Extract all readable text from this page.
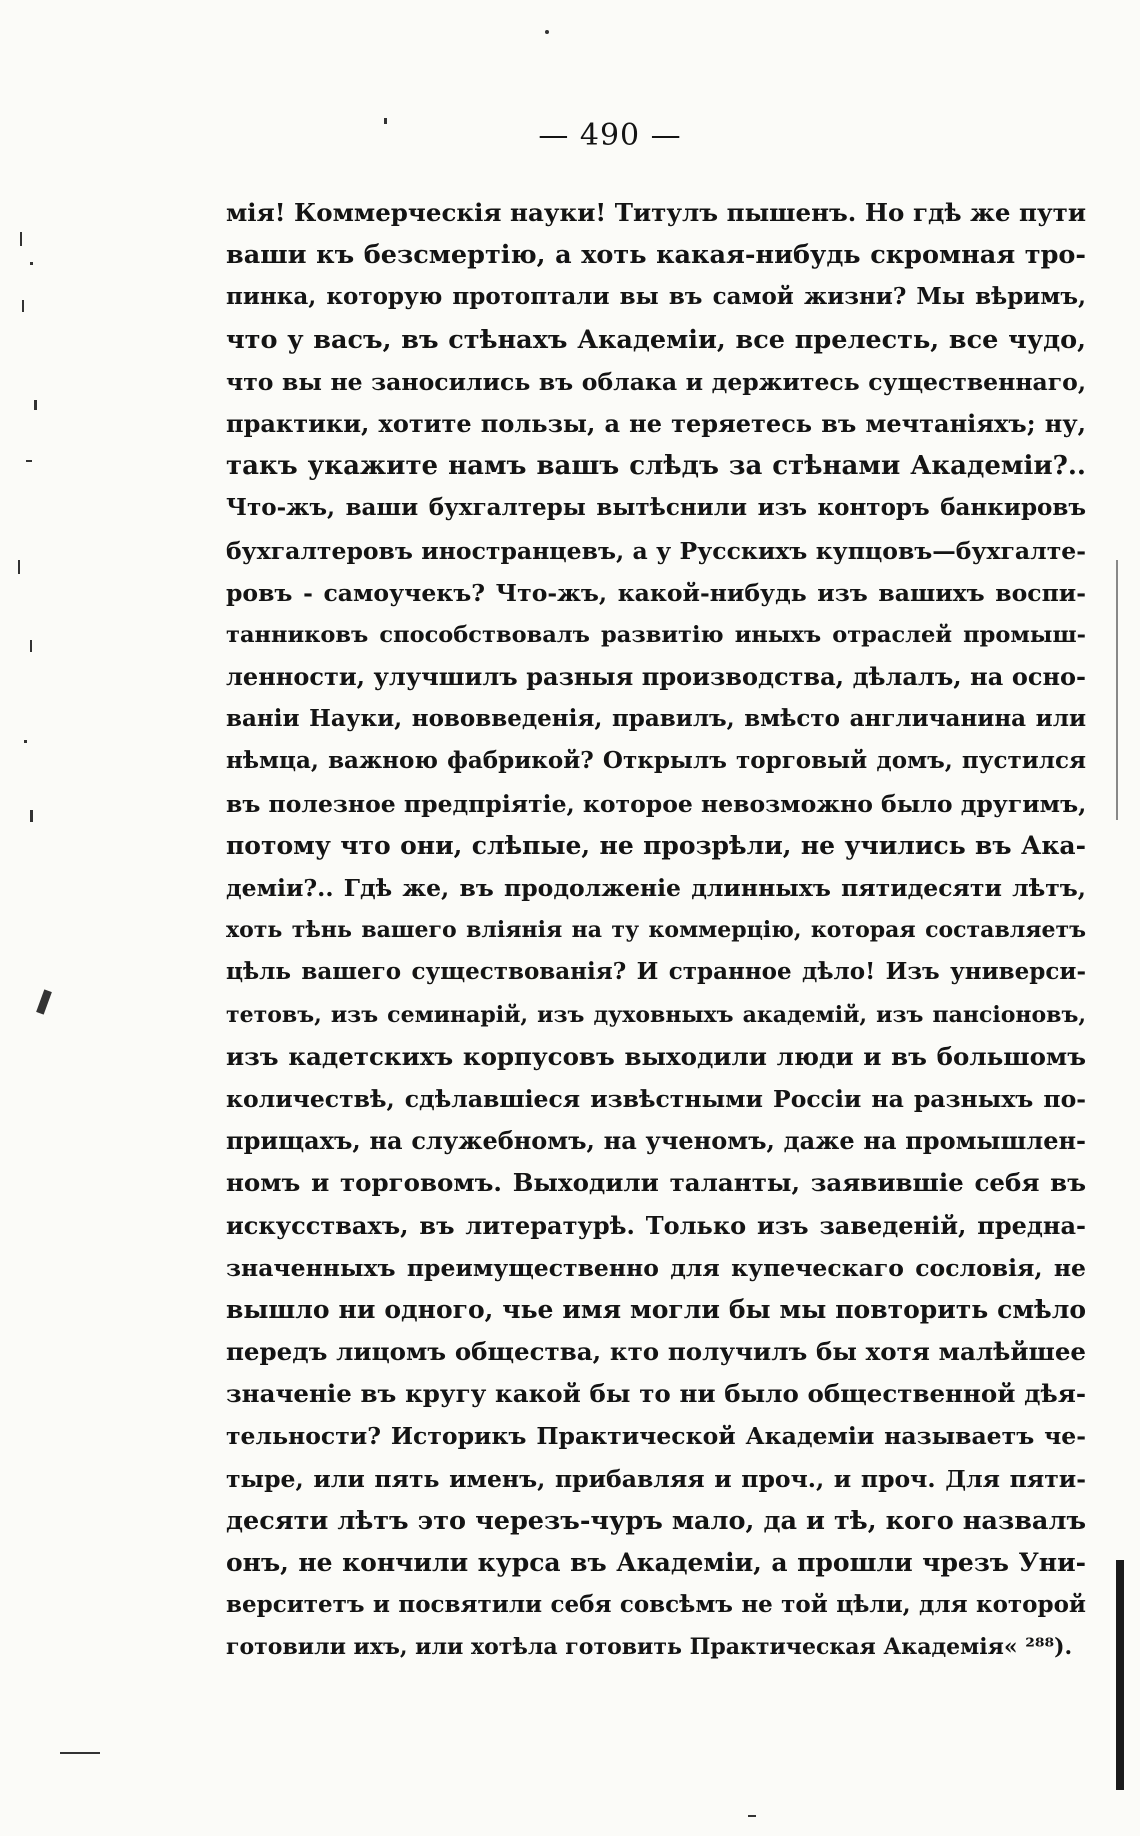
— 490 —
мія! Коммерческія науки! Титулъ пышенъ. Но гдѣ же пути
ваши къ безсмертію, а хоть какая-нибудь скромная тро-
пинка, которую протоптали вы въ самой жизни? Мы вѣримъ,
что у васъ, въ стѣнахъ Академіи, все прелесть, все чудо,
что вы не заносились въ облака и держитесь существеннаго,
практики, хотите пользы, а не теряетесь въ мечтаніяхъ; ну,
такъ укажите намъ вашъ слѣдъ за стѣнами Академіи?..
Что-жъ, ваши бухгалтеры вытѣснили изъ конторъ банкировъ
бухгалтеровъ иностранцевъ, а у Русскихъ купцовъ—бухгалте-
ровъ - самоучекъ? Что-жъ, какой-нибудь изъ вашихъ воспи-
танниковъ способствовалъ развитію иныхъ отраслей промыш-
ленности, улучшилъ разныя производства, дѣлалъ, на осно-
ваніи Науки, нововведенія, правилъ, вмѣсто англичанина или
нѣмца, важною фабрикой? Открылъ торговый домъ, пустился
въ полезное предпріятіе, которое невозможно было другимъ,
потому что они, слѣпые, не прозрѣли, не учились въ Ака-
деміи?.. Гдѣ же, въ продолженіе длинныхъ пятидесяти лѣтъ,
хоть тѣнь вашего вліянія на ту коммерцію, которая составляетъ
цѣль вашего существованія? И странное дѣло! Изъ универси-
тетовъ, изъ семинарій, изъ духовныхъ академій, изъ пансіоновъ,
изъ кадетскихъ корпусовъ выходили люди и въ большомъ
количествѣ, сдѣлавшіеся извѣстными Россіи на разныхъ по-
прищахъ, на служебномъ, на ученомъ, даже на промышлен-
номъ и торговомъ. Выходили таланты, заявившіе себя въ
искусствахъ, въ литературѣ. Только изъ заведеній, предна-
значенныхъ преимущественно для купеческаго сословія, не
вышло ни одного, чье имя могли бы мы повторить смѣло
передъ лицомъ общества, кто получилъ бы хотя малѣйшее
значеніе въ кругу какой бы то ни было общественной дѣя-
тельности? Историкъ Практической Академіи называетъ че-
тыре, или пять именъ, прибавляя и проч., и проч. Для пяти-
десяти лѣтъ это черезъ-чуръ мало, да и тѣ, кого назвалъ
онъ, не кончили курса въ Академіи, а прошли чрезъ Уни-
верситетъ и посвятили себя совсѣмъ не той цѣли, для которой
готовили ихъ, или хотѣла готовить Практическая Академія« ²⁸⁸).
